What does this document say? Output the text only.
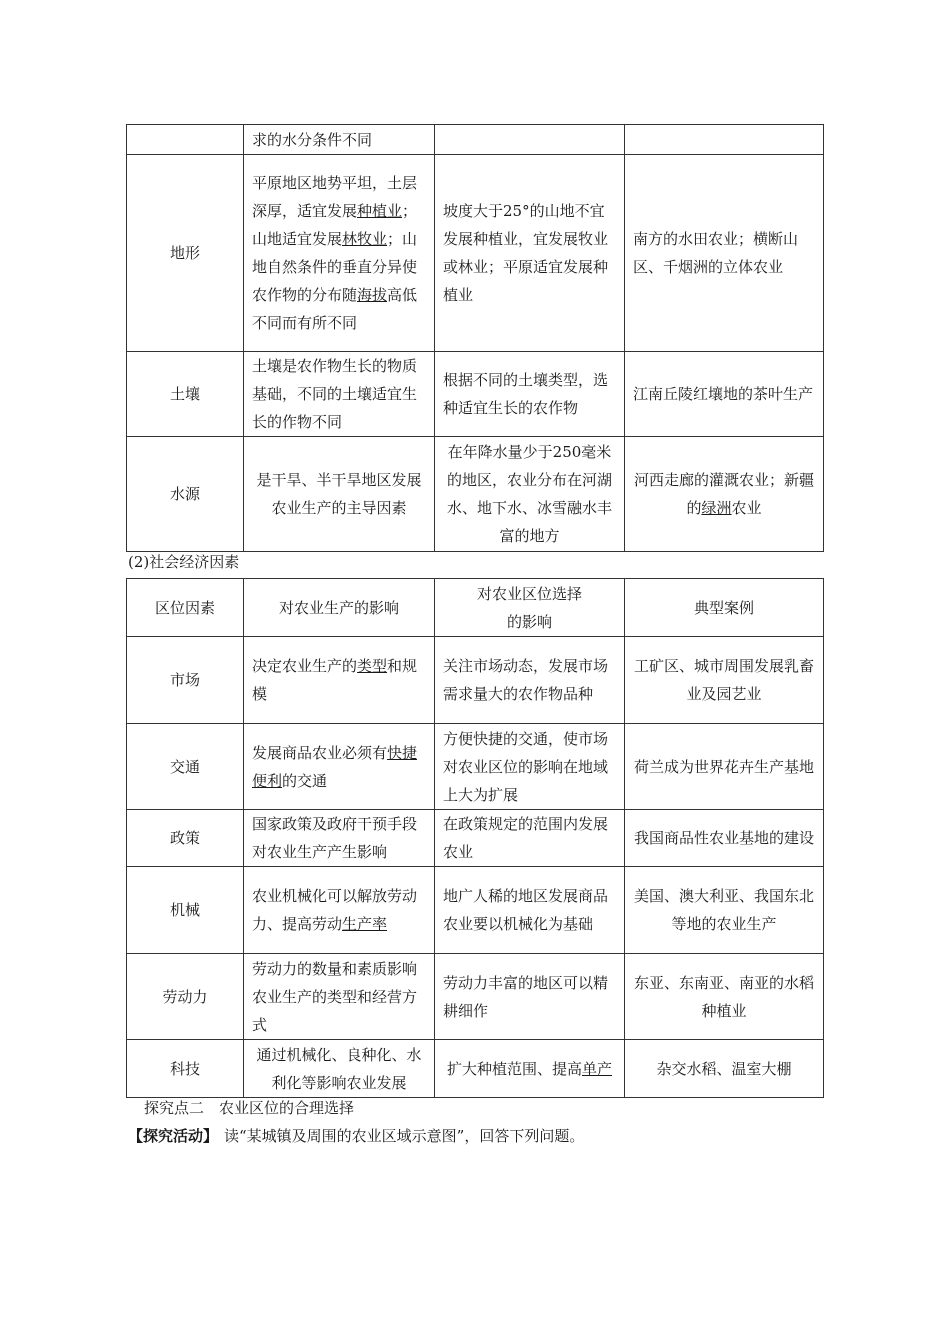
	求的水分条件不同		
地形	平原地区地势平坦，土层深厚，适宜发展种植业；山地适宜发展林牧业；山地自然条件的垂直分异使农作物的分布随海拔高低不同而有所不同	坡度大于25°的山地不宜发展种植业，宜发展牧业或林业；平原适宜发展种植业	南方的水田农业；横断山区、千烟洲的立体农业
土壤	土壤是农作物生长的物质基础，不同的土壤适宜生长的作物不同	根据不同的土壤类型，选种适宜生长的农作物	江南丘陵红壤地的茶叶生产
水源	是干旱、半干旱地区发展农业生产的主导因素	在年降水量少于250毫米的地区，农业分布在河湖水、地下水、冰雪融水丰富的地方	河西走廊的灌溉农业；新疆的绿洲农业
(2)社会经济因素
区位因素	对农业生产的影响	对农业区位选择的影响	典型案例
市场	决定农业生产的类型和规模	关注市场动态，发展市场需求量大的农作物品种	工矿区、城市周围发展乳畜业及园艺业
交通	发展商品农业必须有快捷便利的交通	方便快捷的交通，使市场对农业区位的影响在地域上大为扩展	荷兰成为世界花卉生产基地
政策	国家政策及政府干预手段对农业生产产生影响	在政策规定的范围内发展农业	我国商品性农业基地的建设
机械	农业机械化可以解放劳动力、提高劳动生产率	地广人稀的地区发展商品农业要以机械化为基础	美国、澳大利亚、我国东北等地的农业生产
劳动力	劳动力的数量和素质影响农业生产的类型和经营方式	劳动力丰富的地区可以精耕细作	东亚、东南亚、南亚的水稻种植业
科技	通过机械化、良种化、水利化等影响农业发展	扩大种植范围、提高单产	杂交水稻、温室大棚
探究点二　农业区位的合理选择
【探究活动】 读“某城镇及周围的农业区域示意图”，回答下列问题。
